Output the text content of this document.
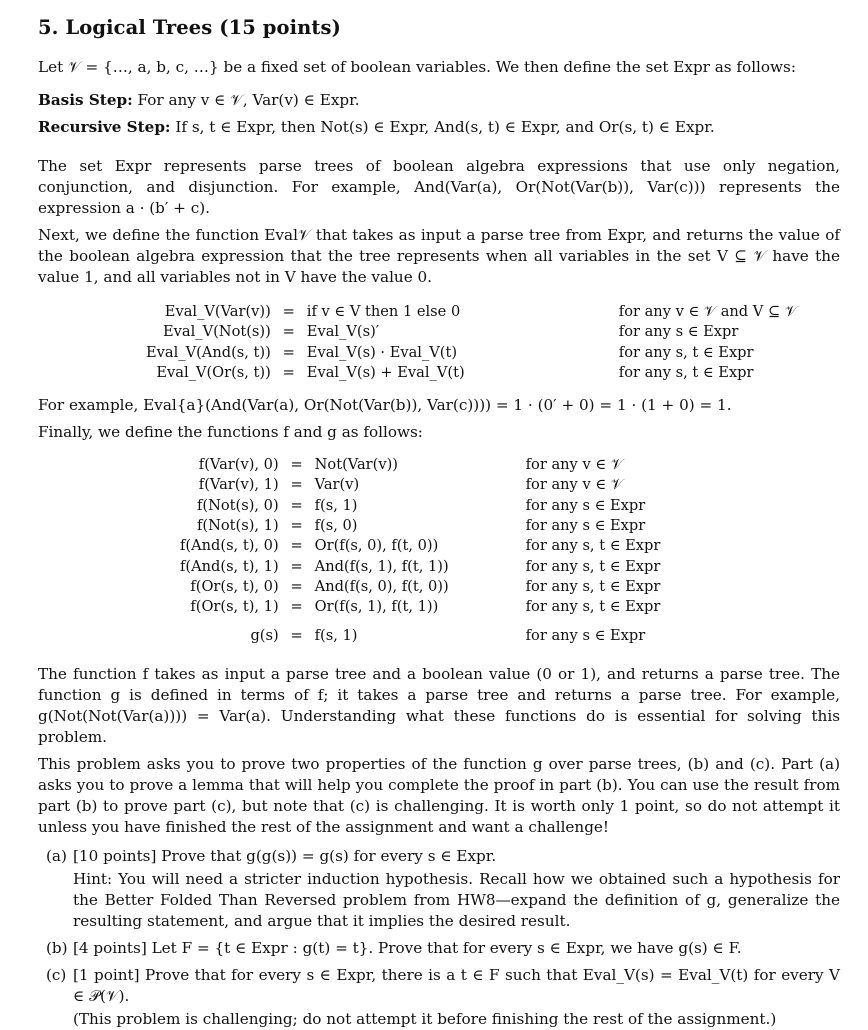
5. Logical Trees (15 points)

Let 𝒱 = {…, a, b, c, …} be a fixed set of boolean variables. We then define the set Expr as follows:

Basis Step: For any v ∈ 𝒱, Var(v) ∈ Expr.

Recursive Step: If s, t ∈ Expr, then Not(s) ∈ Expr, And(s, t) ∈ Expr, and Or(s, t) ∈ Expr.

The set Expr represents parse trees of boolean algebra expressions that use only negation, conjunction, and disjunction. For example, And(Var(a), Or(Not(Var(b)), Var(c))) represents the expression a · (b′ + c).

Next, we define the function Eval𝒱 that takes as input a parse tree from Expr, and returns the value of the boolean algebra expression that the tree represents when all variables in the set V ⊆ 𝒱 have the value 1, and all variables not in V have the value 0.

Eval_V(Var(v))	=	if v ∈ V then 1 else 0	for any v ∈ 𝒱 and V ⊆ 𝒱
Eval_V(Not(s))	=	Eval_V(s)′	for any s ∈ Expr
Eval_V(And(s, t))	=	Eval_V(s) · Eval_V(t)	for any s, t ∈ Expr
Eval_V(Or(s, t))	=	Eval_V(s) + Eval_V(t)	for any s, t ∈ Expr

For example, Eval{a}(And(Var(a), Or(Not(Var(b)), Var(c)))) = 1 · (0′ + 0) = 1 · (1 + 0) = 1.

Finally, we define the functions f and g as follows:

f(Var(v), 0)	=	Not(Var(v))	for any v ∈ 𝒱
f(Var(v), 1)	=	Var(v)	for any v ∈ 𝒱
f(Not(s), 0)	=	f(s, 1)	for any s ∈ Expr
f(Not(s), 1)	=	f(s, 0)	for any s ∈ Expr
f(And(s, t), 0)	=	Or(f(s, 0), f(t, 0))	for any s, t ∈ Expr
f(And(s, t), 1)	=	And(f(s, 1), f(t, 1))	for any s, t ∈ Expr
f(Or(s, t), 0)	=	And(f(s, 0), f(t, 0))	for any s, t ∈ Expr
f(Or(s, t), 1)	=	Or(f(s, 1), f(t, 1))	for any s, t ∈ Expr
g(s)	=	f(s, 1)	for any s ∈ Expr

The function f takes as input a parse tree and a boolean value (0 or 1), and returns a parse tree. The function g is defined in terms of f; it takes a parse tree and returns a parse tree. For example, g(Not(Not(Var(a)))) = Var(a). Understanding what these functions do is essential for solving this problem.

This problem asks you to prove two properties of the function g over parse trees, (b) and (c). Part (a) asks you to prove a lemma that will help you complete the proof in part (b). You can use the result from part (b) to prove part (c), but note that (c) is challenging. It is worth only 1 point, so do not attempt it unless you have finished the rest of the assignment and want a challenge!

(a) [10 points] Prove that g(g(s)) = g(s) for every s ∈ Expr.

Hint: You will need a stricter induction hypothesis. Recall how we obtained such a hypothesis for the Better Folded Than Reversed problem from HW8—expand the definition of g, generalize the resulting statement, and argue that it implies the desired result.

(b) [4 points] Let F = {t ∈ Expr : g(t) = t}. Prove that for every s ∈ Expr, we have g(s) ∈ F.

(c) [1 point] Prove that for every s ∈ Expr, there is a t ∈ F such that Eval_V(s) = Eval_V(t) for every V ∈ 𝒫(𝒱).

(This problem is challenging; do not attempt it before finishing the rest of the assignment.)
